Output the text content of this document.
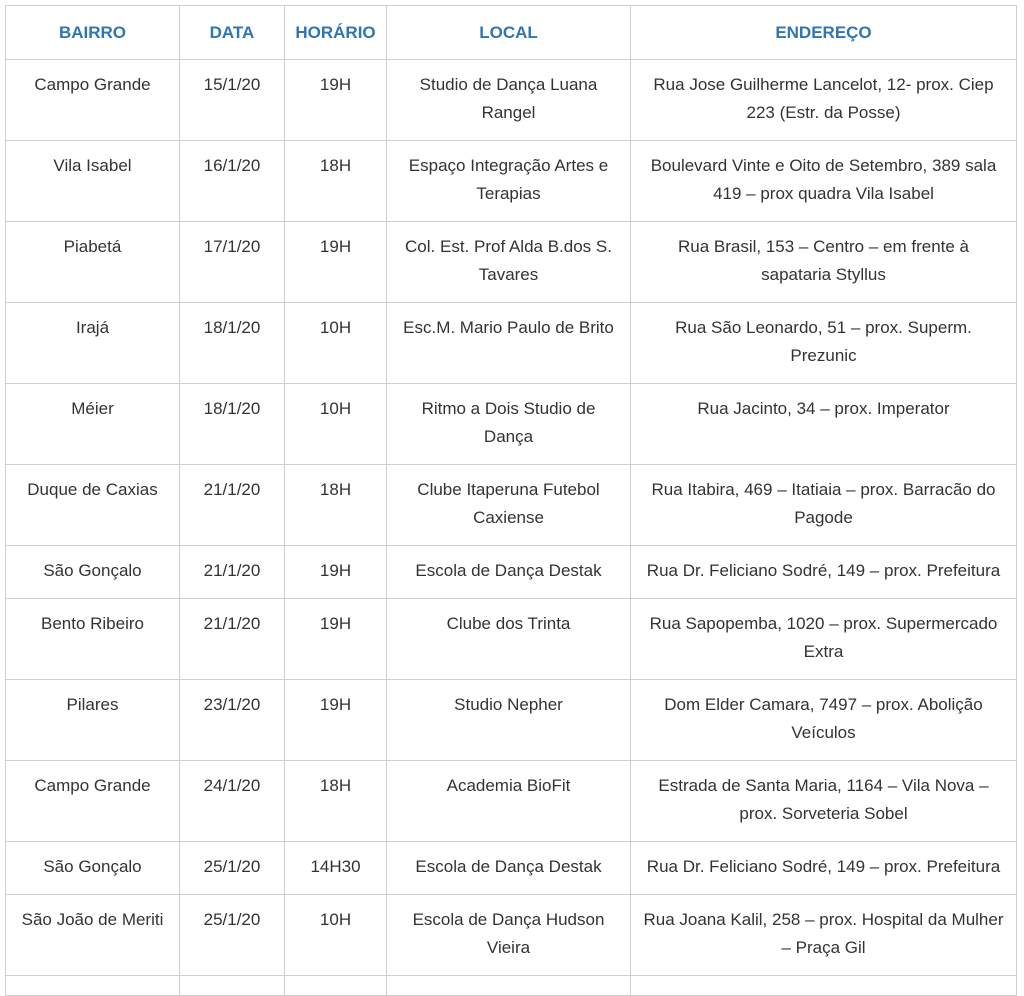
BAIRRO	DATA	HORÁRIO	LOCAL	ENDEREÇO
Campo Grande	15/1/20	19H	Studio de Dança Luana Rangel	Rua Jose Guilherme Lancelot, 12- prox. Ciep 223 (Estr. da Posse)
Vila Isabel	16/1/20	18H	Espaço Integração Artes e Terapias	Boulevard Vinte e Oito de Setembro, 389 sala 419 – prox quadra Vila Isabel
Piabetá	17/1/20	19H	Col. Est. Prof Alda B.dos S. Tavares	Rua Brasil, 153 – Centro – em frente à sapataria Styllus
Irajá	18/1/20	10H	Esc.M. Mario Paulo de Brito	Rua São Leonardo, 51 – prox. Superm. Prezunic
Méier	18/1/20	10H	Ritmo a Dois Studio de Dança	Rua Jacinto, 34 – prox. Imperator
Duque de Caxias	21/1/20	18H	Clube Itaperuna Futebol Caxiense	Rua Itabira, 469 – Itatiaia – prox. Barracão do Pagode
São Gonçalo	21/1/20	19H	Escola de Dança Destak	Rua Dr. Feliciano Sodré, 149 – prox. Prefeitura
Bento Ribeiro	21/1/20	19H	Clube dos Trinta	Rua Sapopemba, 1020 – prox. Supermercado Extra
Pilares	23/1/20	19H	Studio Nepher	Dom Elder Camara, 7497 – prox. Abolição Veículos
Campo Grande	24/1/20	18H	Academia BioFit	Estrada de Santa Maria, 1164 – Vila Nova – prox. Sorveteria Sobel
São Gonçalo	25/1/20	14H30	Escola de Dança Destak	Rua Dr. Feliciano Sodré, 149 – prox. Prefeitura
São João de Meriti	25/1/20	10H	Escola de Dança Hudson Vieira	Rua Joana Kalil, 258 – prox. Hospital da Mulher – Praça Gil
